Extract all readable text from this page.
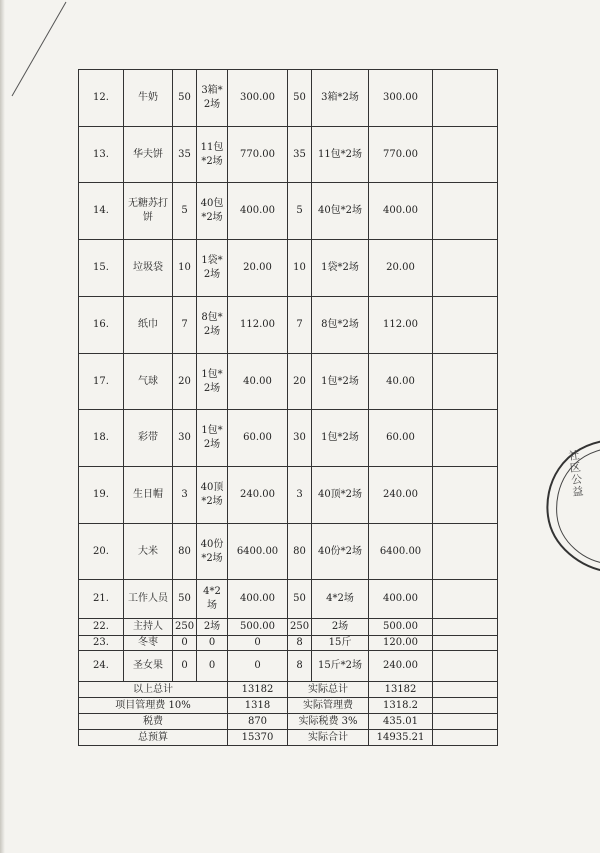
12.	牛奶	50	3箱*2场	300.00	50	3箱*2场	300.00	
13.	华夫饼	35	11包*2场	770.00	35	11包*2场	770.00	
14.	无糖苏打饼	5	40包*2场	400.00	5	40包*2场	400.00	
15.	垃圾袋	10	1袋*2场	20.00	10	1袋*2场	20.00	
16.	纸巾	7	8包*2场	112.00	7	8包*2场	112.00	
17.	气球	20	1包*2场	40.00	20	1包*2场	40.00	
18.	彩带	30	1包*2场	60.00	30	1包*2场	60.00	
19.	生日帽	3	40顶*2场	240.00	3	40顶*2场	240.00	
20.	大米	80	40份*2场	6400.00	80	40份*2场	6400.00	
21.	工作人员	50	4*2场	400.00	50	4*2场	400.00	
22.	主持人	250	2场	500.00	250	2场	500.00	
23.	冬枣	0	0	0	8	15斤	120.00	
24.	圣女果	0	0	0	8	15斤*2场	240.00	
以上总计				13182	实际总计		13182	
项目管理费 10%				1318	实际管理费		1318.2	
税费				870	实际税费 3%		435.01	
总预算				15370	实际合计		14935.21	
社区公益
